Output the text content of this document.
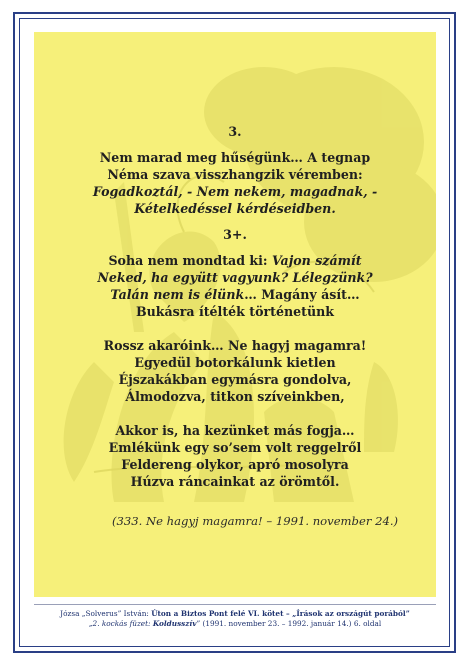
3.
Nem marad meg hűségünk… A tegnap
Néma szava visszhangzik véremben:
Fogadkoztál, - Nem nekem, magadnak, -
Kételkedéssel kérdéseidben.
3+.
Soha nem mondtad ki: Vajon számít
Neked, ha együtt vagyunk? Lélegzünk?
Talán nem is élünk… Magány ásít…
Bukásra ítélték történetünk
Rossz akaróink… Ne hagyj magamra!
Egyedül botorkálunk kietlen
Éjszakákban egymásra gondolva,
Álmodozva, titkon szíveinkben,
Akkor is, ha kezünket más fogja…
Emlékünk egy so’sem volt reggelről
Feldereng olykor, apró mosolyra
Húzva ráncainkat az örömtől.
(333. Ne hagyj magamra! – 1991. november 24.)
Józsa „Solverus” István: Úton a Biztos Pont felé VI. kötet – „Írások az országút porából”
„2. kockás füzet: Koldusszív” (1991. november 23. – 1992. január 14.) 6. oldal
